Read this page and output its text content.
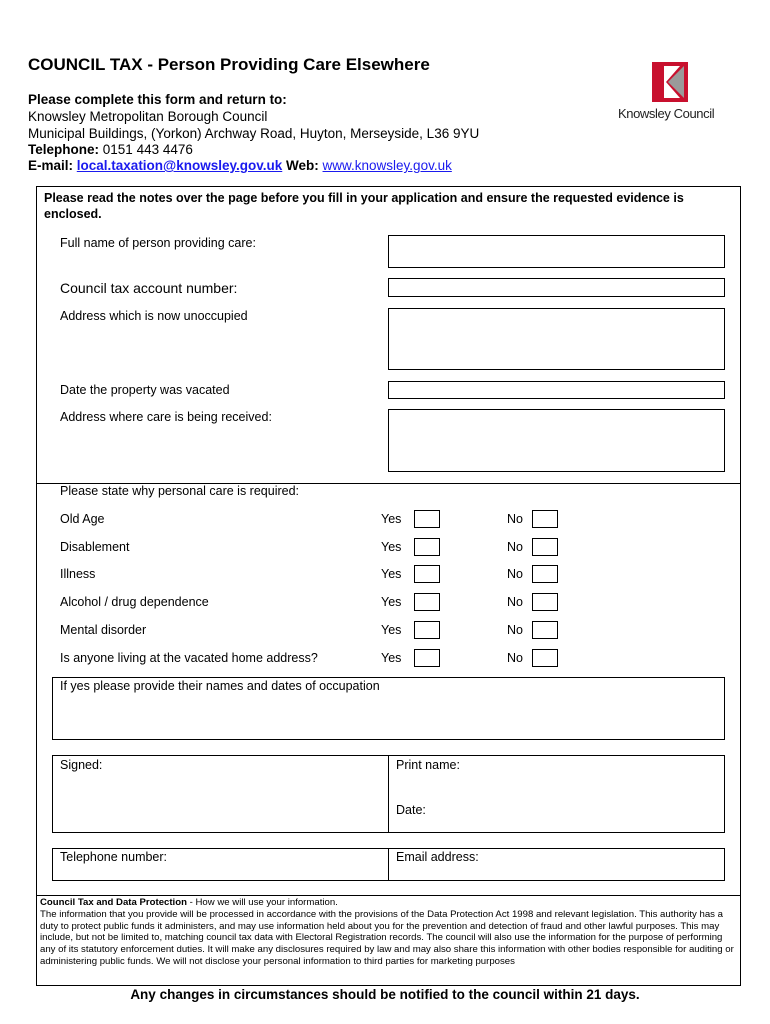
COUNCIL TAX - Person Providing Care Elsewhere
Please complete this form and return to:
Knowsley Metropolitan Borough Council
Municipal Buildings, (Yorkon) Archway Road, Huyton, Merseyside, L36 9YU
Telephone: 0151 443 4476
E-mail: local.taxation@knowsley.gov.uk Web: www.knowsley.gov.uk
Knowsley Council
Please read the notes over the page before you fill in your application and ensure the requested evidence is enclosed.
Full name of person providing care:
Council tax account number:
Address which is now unoccupied
Date the property was vacated
Address where care is being received:
Please state why personal care is required:
Old Age	Yes	No
Disablement	Yes	No
Illness	Yes	No
Alcohol / drug dependence	Yes	No
Mental disorder	Yes	No
Is anyone living at the vacated home address?	Yes	No
If yes please provide their names and dates of occupation
Signed:	Print name:
Date:
Telephone number:	Email address:
Council Tax and Data Protection - How we will use your information.
The information that you provide will be processed in accordance with the provisions of the Data Protection Act 1998 and relevant legislation. This authority has a duty to protect public funds it administers, and may use information held about you for the prevention and detection of fraud and other lawful purposes. This may include, but not be limited to, matching council tax data with Electoral Registration records. The council will also use the information for the purpose of performing any of its statutory enforcement duties. It will make any disclosures required by law and may also share this information with other bodies responsible for auditing or administering public funds. We will not disclose your personal information to third parties for marketing purposes
Any changes in circumstances should be notified to the council within 21 days.
